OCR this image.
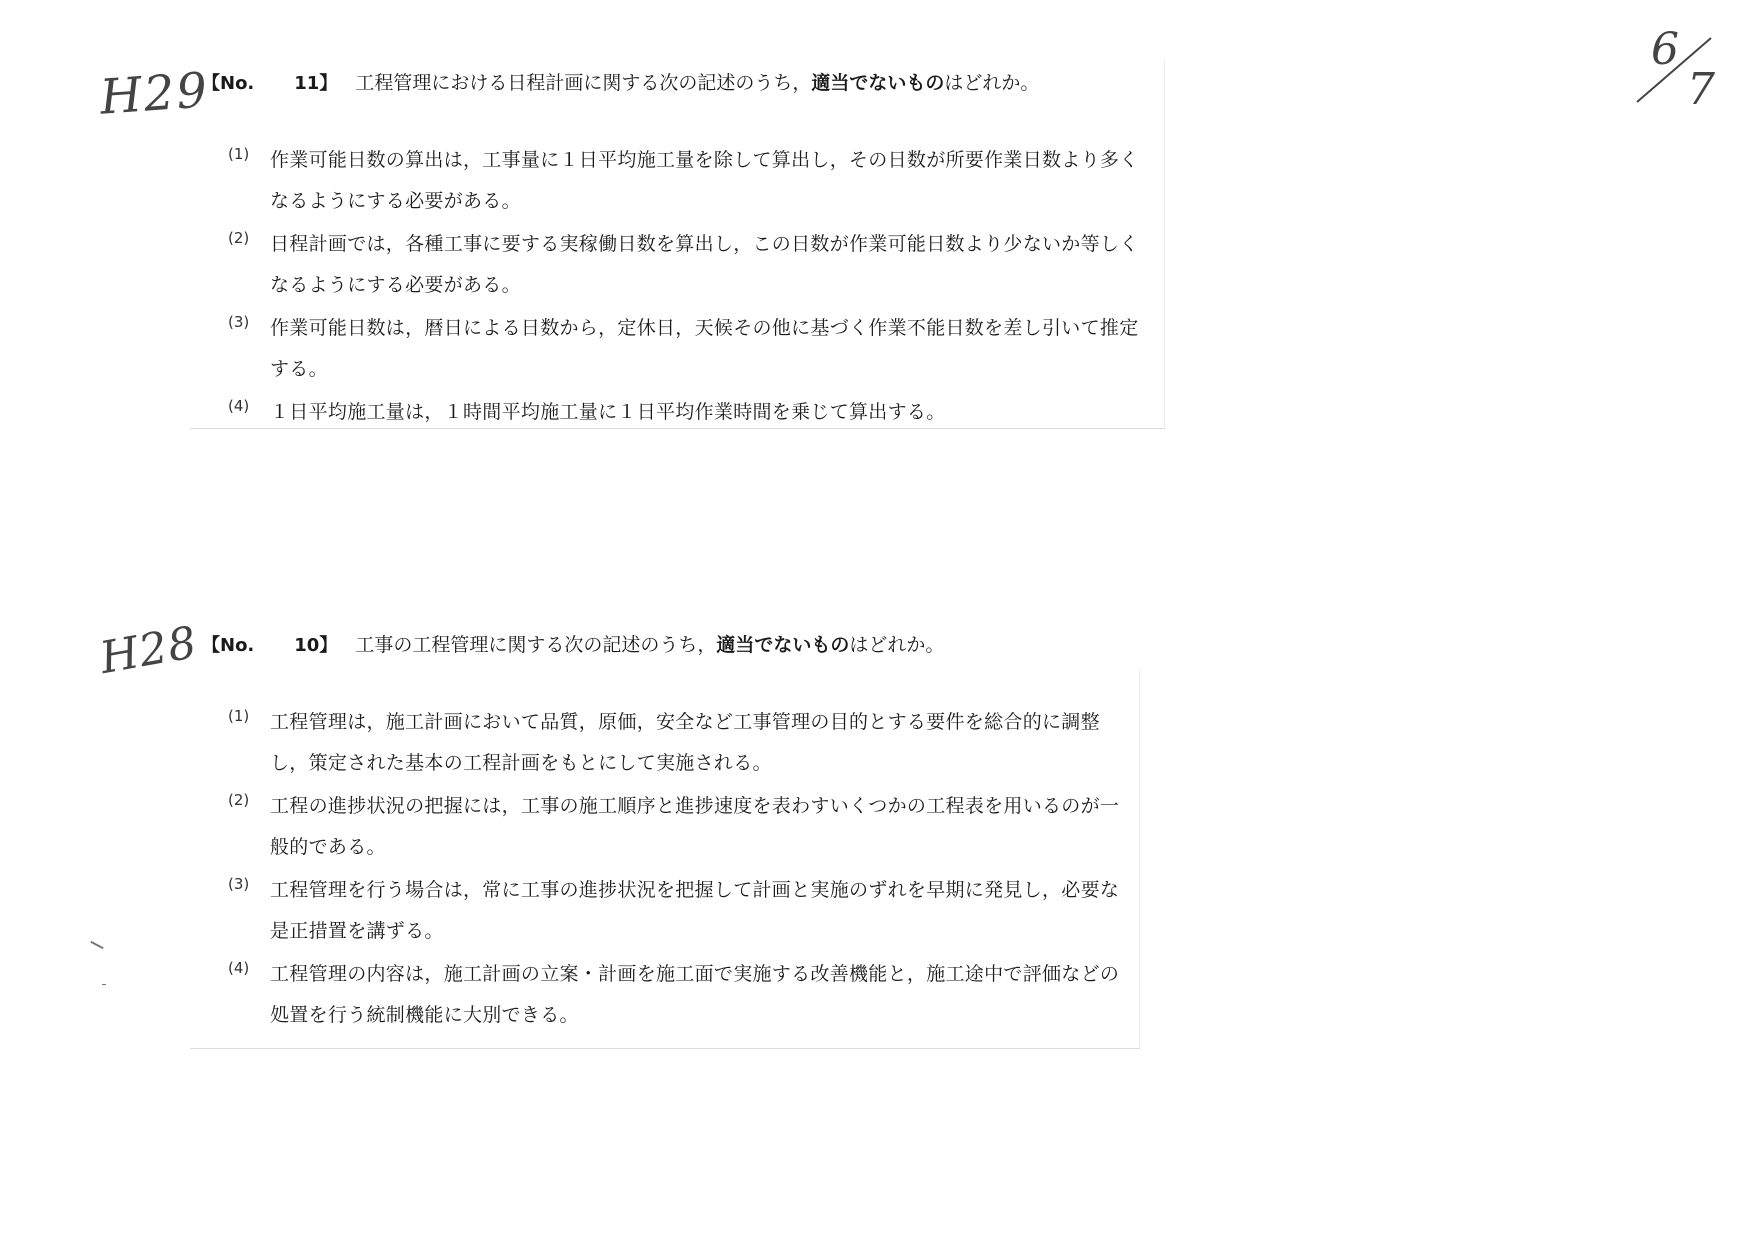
H29
H28
6
7
【No. 11】 工程管理における日程計画に関する次の記述のうち，適当でないものはどれか。
(1)	作業可能日数の算出は，工事量に１日平均施工量を除して算出し，その日数が所要作業日数より多くなるようにする必要がある。
(2)	日程計画では，各種工事に要する実稼働日数を算出し，この日数が作業可能日数より少ないか等しくなるようにする必要がある。
(3)	作業可能日数は，暦日による日数から，定休日，天候その他に基づく作業不能日数を差し引いて推定する。
(4)	１日平均施工量は，１時間平均施工量に１日平均作業時間を乗じて算出する。
【No. 10】 工事の工程管理に関する次の記述のうち，適当でないものはどれか。
(1)	工程管理は，施工計画において品質，原価，安全など工事管理の目的とする要件を総合的に調整し，策定された基本の工程計画をもとにして実施される。
(2)	工程の進捗状況の把握には，工事の施工順序と進捗速度を表わすいくつかの工程表を用いるのが一般的である。
(3)	工程管理を行う場合は，常に工事の進捗状況を把握して計画と実施のずれを早期に発見し，必要な是正措置を講ずる。
(4)	工程管理の内容は，施工計画の立案・計画を施工面で実施する改善機能と，施工途中で評価などの処置を行う統制機能に大別できる。
